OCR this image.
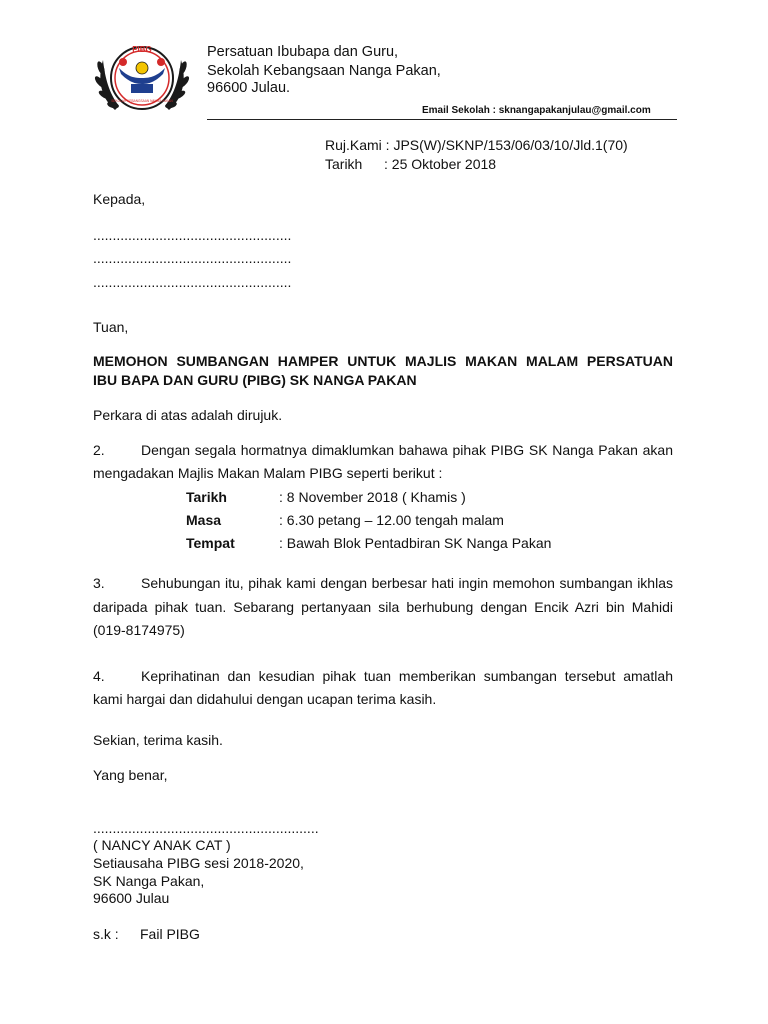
PIBG
SEKOLAH KEBANGSAAN NANGA PAKAN
Persatuan Ibubapa dan Guru,
Sekolah Kebangsaan Nanga Pakan,
96600 Julau.
Email Sekolah : sknangapakanjulau@gmail.com
Ruj.Kami : JPS(W)/SKNP/153/06/03/10/Jld.1(70)
Tarikh : 25 Oktober 2018
Kepada,
...................................................
...................................................
...................................................
Tuan,
MEMOHON SUMBANGAN HAMPER UNTUK MAJLIS MAKAN MALAM PERSATUAN
IBU BAPA DAN GURU (PIBG) SK NANGA PAKAN
Perkara di atas adalah dirujuk.
2.	Dengan segala hormatnya dimaklumkan bahawa pihak PIBG SK Nanga Pakan akan
mengadakan Majlis Makan Malam PIBG seperti berikut :
Tarikh	: 8 November 2018 ( Khamis )
Masa	: 6.30 petang – 12.00 tengah malam
Tempat	: Bawah Blok Pentadbiran SK Nanga Pakan
3.	Sehubungan itu, pihak kami dengan berbesar hati ingin memohon sumbangan ikhlas
daripada pihak tuan. Sebarang pertanyaan sila berhubung dengan Encik Azri bin Mahidi
(019-8174975)
4.	Keprihatinan dan kesudian pihak tuan memberikan sumbangan tersebut amatlah
kami hargai dan didahului dengan ucapan terima kasih.
Sekian, terima kasih.
Yang benar,
..........................................................
( NANCY ANAK CAT )
Setiausaha PIBG sesi 2018-2020,
SK Nanga Pakan,
96600 Julau
s.k : Fail PIBG
